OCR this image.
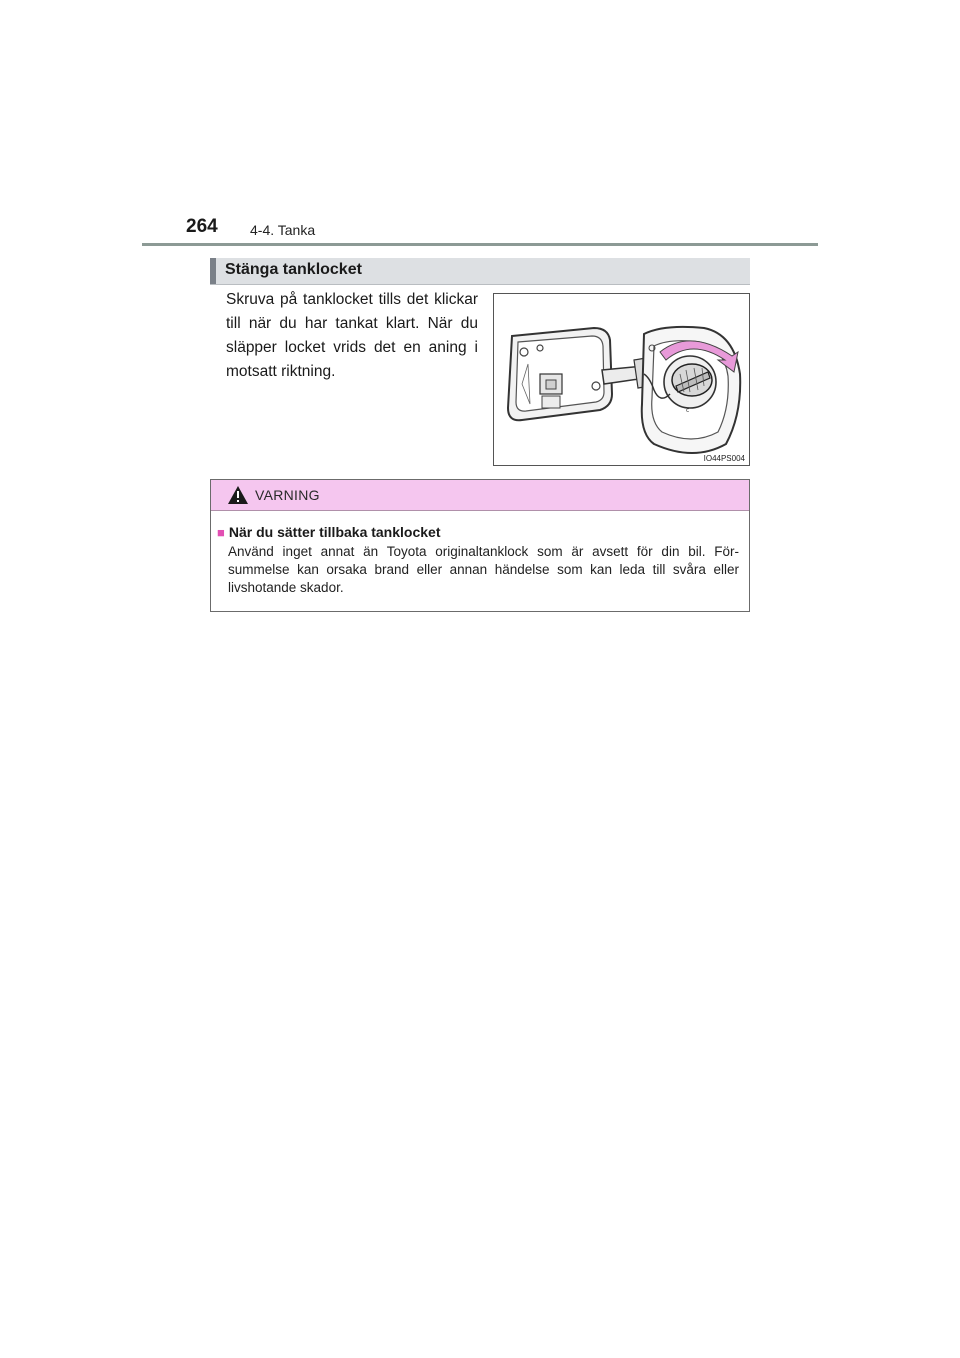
264 4-4. Tanka
Stänga tanklocket
Skruva på tanklocket tills det klickar till när du har tankat klart. När du släpper locket vrids det en aning i motsatt riktning.
c
IO44PS004
VARNING
■ När du sätter tillbaka tanklocket
Använd inget annat än Toyota originaltanklock som är avsett för din bil. För-summelse kan orsaka brand eller annan händelse som kan leda till svåra eller livshotande skador.
